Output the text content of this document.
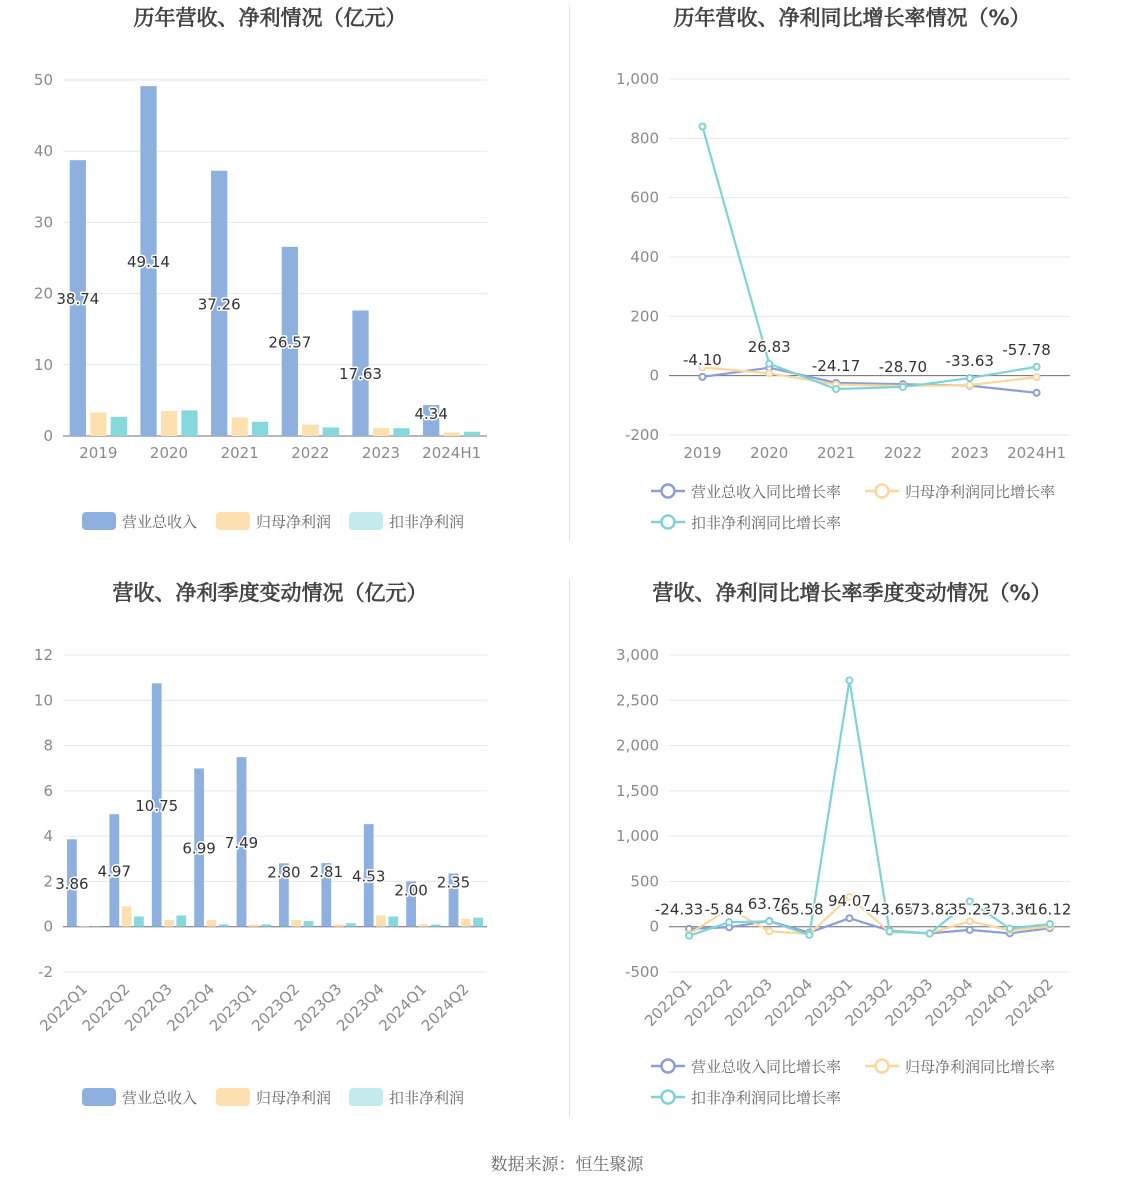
历年营收、净利情况（亿元）
0
10
20
30
40
50
2019 2020 2021 2022 2023 2024H1
38.74
49.14
37.26
26.57
17.63
4.34
营业总收入	归母净利润	扣非净利润
历年营收、净利同比增长率情况（%）
-200
0
200
400
600
800
1,000
2019 2020 2021 2022 2023 2024H1
-4.10
26.83
-24.17 -28.70 -33.63
-57.78
营业总收入同比增长率	归母净利润同比增长率
扣非净利润同比增长率
营收、净利季度变动情况（亿元）
-2
0
2
4
6
8
10
12
2022Q1
2022Q2
2022Q3
2022Q4
2023Q1
2023Q2
2023Q3
2023Q4
2024Q1
2024Q2
3.86
4.97
10.75
6.99 7.49
2.80 2.81 4.53
2.00 2.35
营业总收入	归母净利润	扣非净利润
营收、净利同比增长率季度变动情况（%）
-500
0
500
1,000
1,500
2,000
2,500
3,000
2022Q1
2022Q2
2022Q3
2022Q4
2023Q1
2023Q2
2023Q3
2023Q4
2024Q1
2024Q2
-24.33 -5.84 63.70
-65.58 94.07
-43.65
-73.82
35.23
-73.36
16.12
营业总收入同比增长率	归母净利润同比增长率
扣非净利润同比增长率
数据来源：恒生聚源
